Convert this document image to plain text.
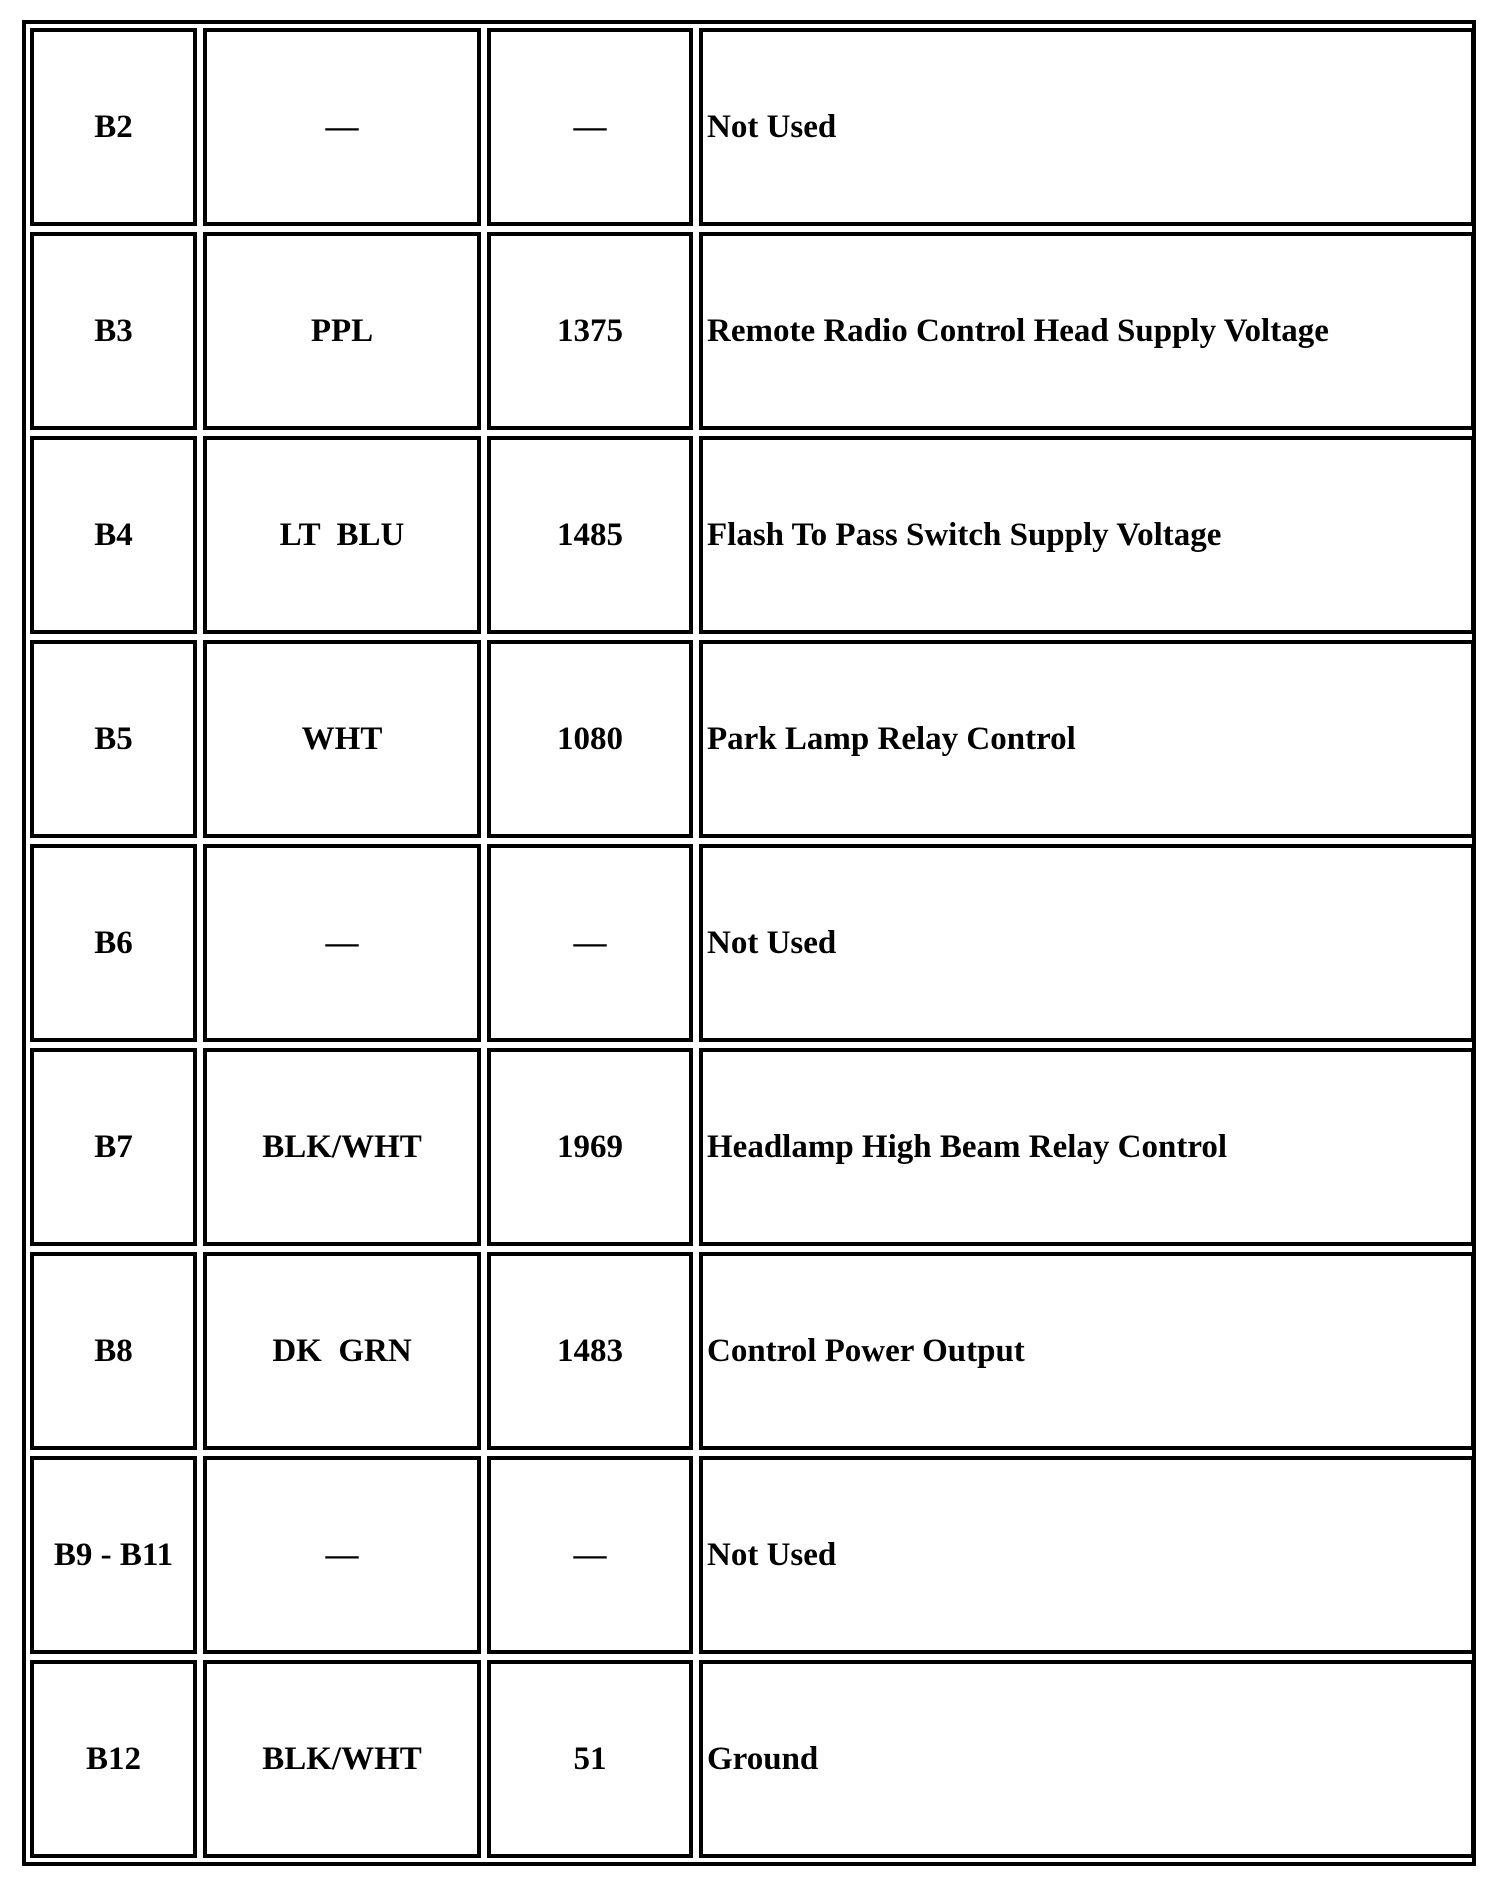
B2	—	—	Not Used
B3	PPL	1375	Remote Radio Control Head Supply Voltage
B4	LT  BLU	1485	Flash To Pass Switch Supply Voltage
B5	WHT	1080	Park Lamp Relay Control
B6	—	—	Not Used
B7	BLK/WHT	1969	Headlamp High Beam Relay Control
B8	DK  GRN	1483	Control Power Output
B9 - B11	—	—	Not Used
B12	BLK/WHT	51	Ground
